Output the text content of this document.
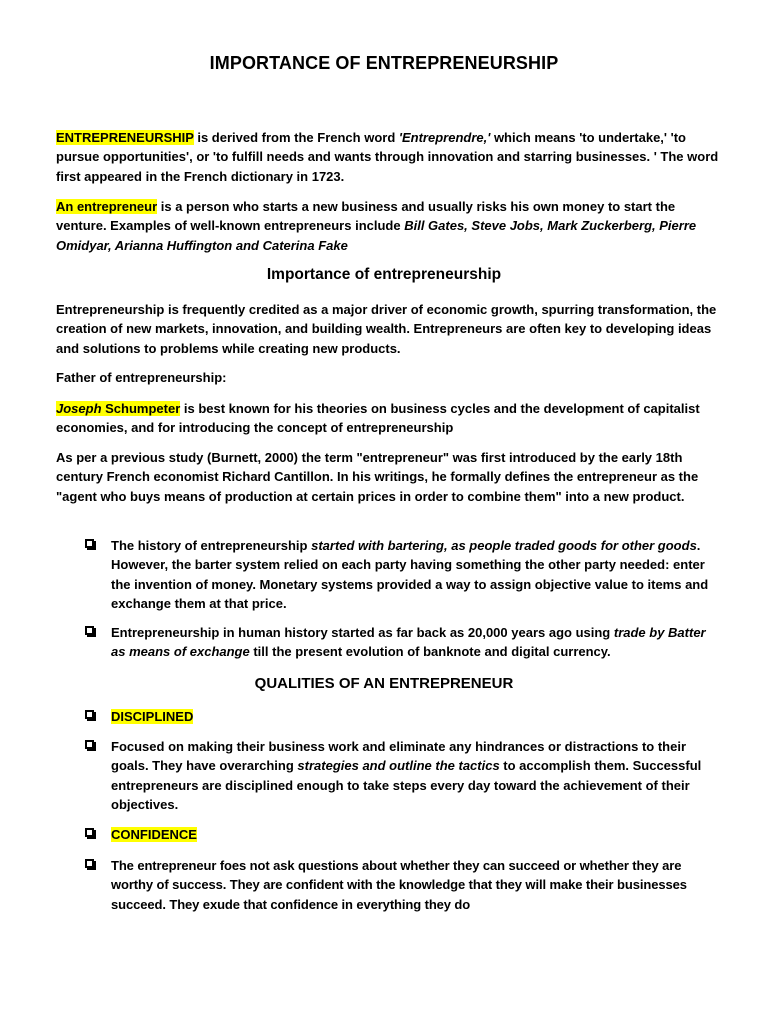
IMPORTANCE OF ENTREPRENEURSHIP
ENTREPRENEURSHIP is derived from the French word 'Entreprendre,' which means 'to undertake,' 'to pursue opportunities', or 'to fulfill needs and wants through innovation and starring businesses. ' The word first appeared in the French dictionary in 1723.
An entrepreneur is a person who starts a new business and usually risks his own money to start the venture. Examples of well-known entrepreneurs include Bill Gates, Steve Jobs, Mark Zuckerberg, Pierre Omidyar, Arianna Huffington and Caterina Fake
Importance of entrepreneurship
Entrepreneurship is frequently credited as a major driver of economic growth, spurring transformation, the creation of new markets, innovation, and building wealth. Entrepreneurs are often key to developing ideas and solutions to problems while creating new products.
Father of entrepreneurship:
Joseph Schumpeter is best known for his theories on business cycles and the development of capitalist economies, and for introducing the concept of entrepreneurship
As per a previous study (Burnett, 2000) the term "entrepreneur" was first introduced by the early 18th century French economist Richard Cantillon. In his writings, he formally defines the entrepreneur as the "agent who buys means of production at certain prices in order to combine them" into a new product.
The history of entrepreneurship started with bartering, as people traded goods for other goods. However, the barter system relied on each party having something the other party needed: enter the invention of money. Monetary systems provided a way to assign objective value to items and exchange them at that price.
Entrepreneurship in human history started as far back as 20,000 years ago using trade by Batter as means of exchange till the present evolution of banknote and digital currency.
QUALITIES OF AN ENTREPRENEUR
DISCIPLINED
Focused on making their business work and eliminate any hindrances or distractions to their goals. They have overarching strategies and outline the tactics to accomplish them. Successful entrepreneurs are disciplined enough to take steps every day toward the achievement of their objectives.
CONFIDENCE
The entrepreneur foes not ask questions about whether they can succeed or whether they are worthy of success. They are confident with the knowledge that they will make their businesses succeed. They exude that confidence in everything they do
